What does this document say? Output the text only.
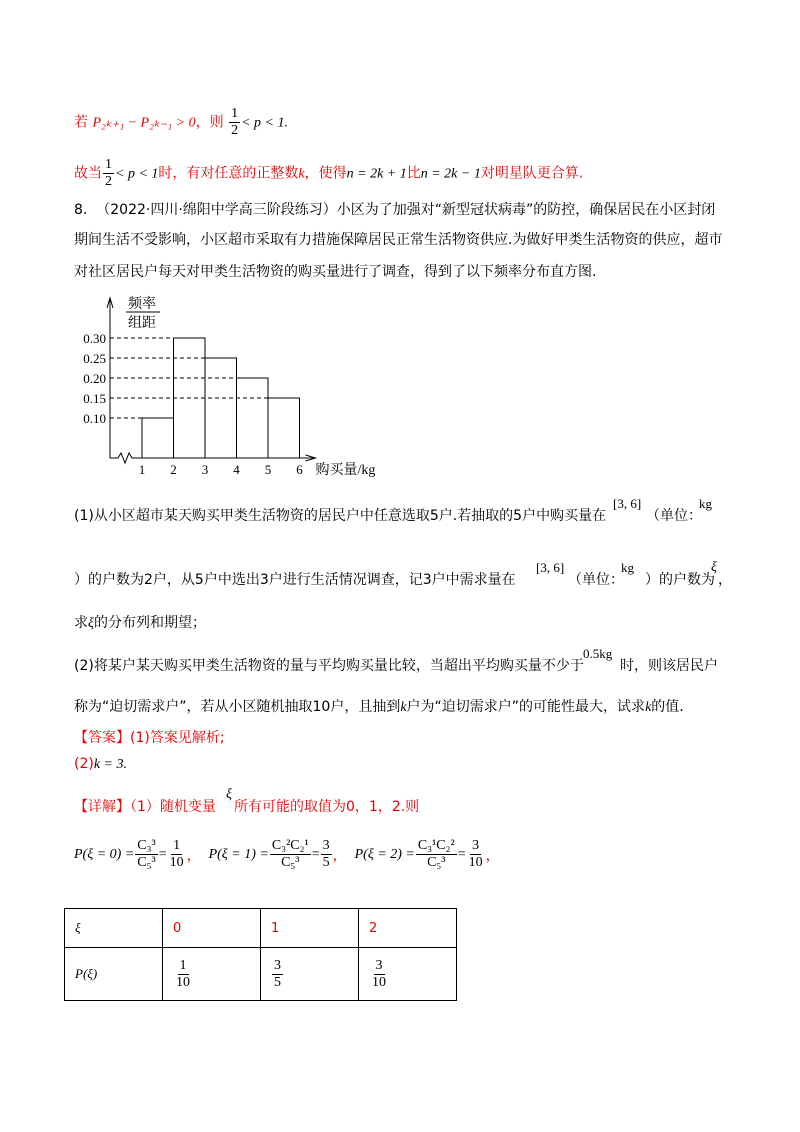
若 P₂ₖ₊₁ − P₂ₖ₋₁ > 0，则 $\frac{1}{2} < p < 1$.
故当 $\frac{1}{2} < p < 1$时，有对任意的正整数k，使得n = 2k + 1比n = 2k − 1对明星队更合算.
8. （2022·四川·绵阳中学高三阶段练习）小区为了加强对“新型冠状病毒”的防控，确保居民在小区封闭
期间生活不受影响，小区超市采取有力措施保障居民正常生活物资供应.为做好甲类生活物资的供应，超市
对社区居民户每天对甲类生活物资的购买量进行了调查，得到了以下频率分布直方图.
频率
组距
0.10
0.15
0.20
0.25
0.30
1 2 3 4 5 6 购买量/kg
(1)从小区超市某天购买甲类生活物资的居民户中任意选取5户.若抽取的5户中购买量在
[3, 6]
（单位：
kg
）的户数为2户，从5户中选出3户进行生活情况调查，记3户中需求量在
[3, 6]
（单位：
kg
）的户数为
ξ
，
求ξ的分布列和期望；
(2)将某户某天购买甲类生活物资的量与平均购买量比较，当超出平均购买量不少于
0.5kg
时，则该居民户
称为“迫切需求户”，若从小区随机抽取10户，且抽到k户为“迫切需求户”的可能性最大，试求k的值.
【答案】(1)答案见解析;
(2)k = 3.
【详解】（1）随机变量
ξ
所有可能的取值为0，1，2.则
$P(\xi = 0) = \frac{\text{C₃³}}{\text{C₅³}} = \frac{1}{10}$ ， $P(\xi = 1) = \frac{\text{C₃²C₂¹}}{\text{C₅³}} = \frac{3}{5}$ ， $P(\xi = 2) = \frac{\text{C₃¹C₂²}}{\text{C₅³}} = \frac{3}{10}$ ，
ξ	0	1	2
P(ξ)	$\frac{1}{10}$	$\frac{3}{5}$	$\frac{3}{10}$
